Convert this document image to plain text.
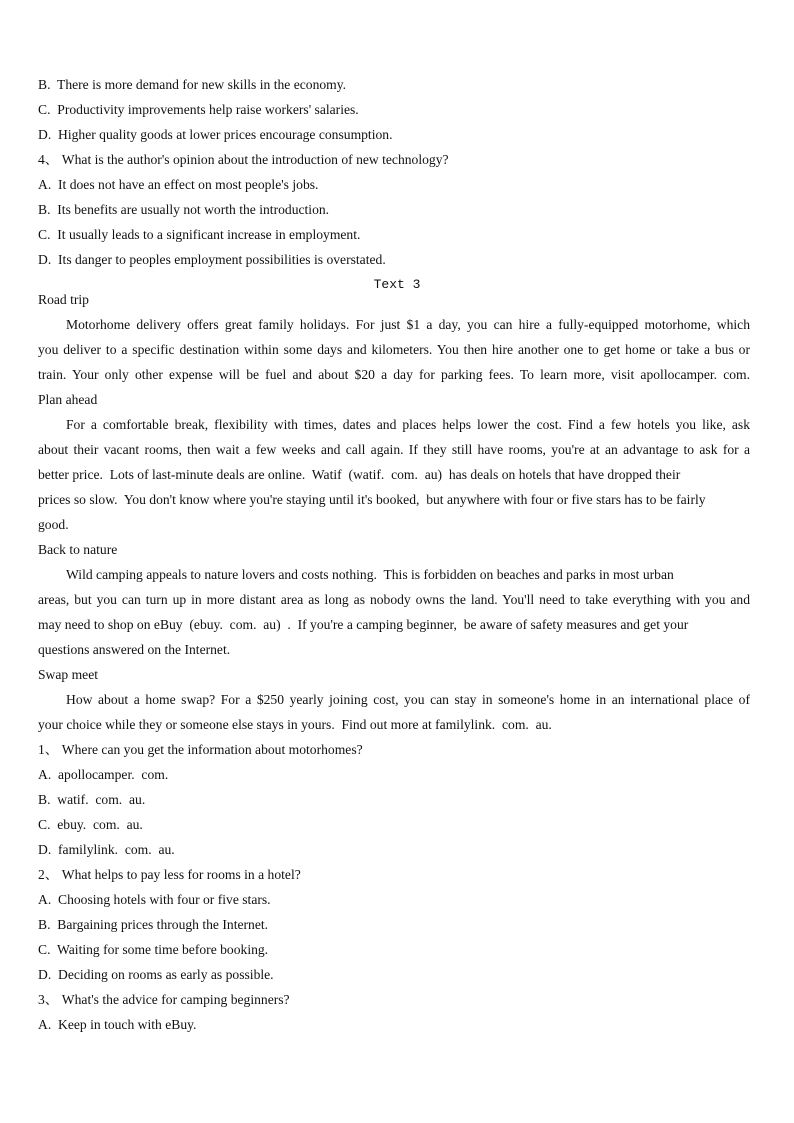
B.  There is more demand for new skills in the economy.
C.  Productivity improvements help raise workers' salaries.
D.  Higher quality goods at lower prices encourage consumption.
4、 What is the author's opinion about the introduction of new technology?
A.  It does not have an effect on most people's jobs.
B.  Its benefits are usually not worth the introduction.
C.  It usually leads to a significant increase in employment.
D.  Its danger to peoples employment possibilities is overstated.
Text 3
Road trip
Motorhome delivery offers great family holidays. For just $1 a day, you can hire a fully-equipped motorhome, which
you deliver to a specific destination within some days and kilometers. You then hire another one to get home or take a bus or
train. Your only other expense will be fuel and about $20 a day for parking fees. To learn more, visit apollocamper. com.
Plan ahead
For a comfortable break, flexibility with times, dates and places helps lower the cost. Find a few hotels you like, ask
about their vacant rooms, then wait a few weeks and call again. If they still have rooms, you're at an advantage to ask for a
better price.  Lots of last-minute deals are online.  Watif  (watif.  com.  au)  has deals on hotels that have dropped their
prices so slow.  You don't know where you're staying until it's booked,  but anywhere with four or five stars has to be fairly
good.
Back to nature
Wild camping appeals to nature lovers and costs nothing.  This is forbidden on beaches and parks in most urban
areas, but you can turn up in more distant area as long as nobody owns the land. You'll need to take everything with you and
may need to shop on eBuy  (ebuy.  com.  au)  .  If you're a camping beginner,  be aware of safety measures and get your
questions answered on the Internet.
Swap meet
How about a home swap? For a $250 yearly joining cost, you can stay in someone's home in an international place of
your choice while they or someone else stays in yours.  Find out more at familylink.  com.  au.
1、 Where can you get the information about motorhomes?
A.  apollocamper.  com.
B.  watif.  com.  au.
C.  ebuy.  com.  au.
D.  familylink.  com.  au.
2、 What helps to pay less for rooms in a hotel?
A.  Choosing hotels with four or five stars.
B.  Bargaining prices through the Internet.
C.  Waiting for some time before booking.
D.  Deciding on rooms as early as possible.
3、 What's the advice for camping beginners?
A.  Keep in touch with eBuy.
